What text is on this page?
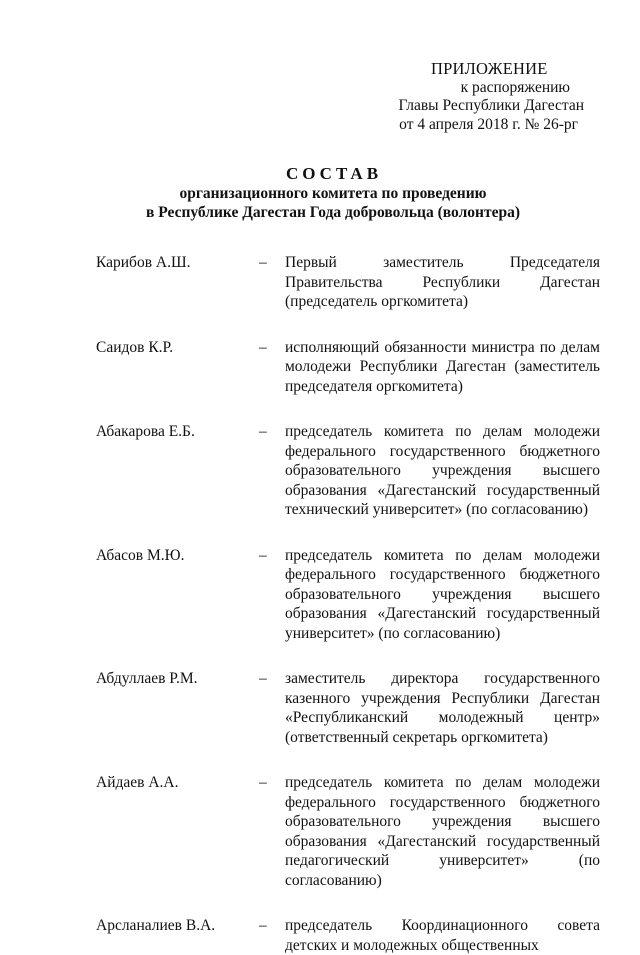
ПРИЛОЖЕНИЕ
к распоряжению
Главы Республики Дагестан
от 4 апреля 2018 г. № 26-рг
СОСТАВ
организационного комитета по проведению
в Республике Дагестан Года добровольца (волонтера)
Карибов А.Ш.	–	Первый заместитель Председателя Правительства Республики Дагестан (председатель оргкомитета)
Саидов К.Р.	–	исполняющий обязанности министра по делам молодежи Республики Дагестан (заместитель председателя оргкомитета)
Абакарова Е.Б.	–	председатель комитета по делам молодежи федерального государственного бюджетного образовательного учреждения высшего образования «Дагестанский государственный технический университет» (по согласованию)
Абасов М.Ю.	–	председатель комитета по делам молодежи федерального государственного бюджетного образовательного учреждения высшего образования «Дагестанский государственный университет» (по согласованию)
Абдуллаев Р.М.	–	заместитель директора государственного казенного учреждения Республики Дагестан «Республиканский молодежный центр» (ответственный секретарь оргкомитета)
Айдаев А.А.	–	председатель комитета по делам молодежи федерального государственного бюджетного образовательного учреждения высшего образования «Дагестанский государственный педагогический университет» (по согласованию)
Арсланалиев В.А.	–	председатель Координационного совета детских и молодежных общественных
